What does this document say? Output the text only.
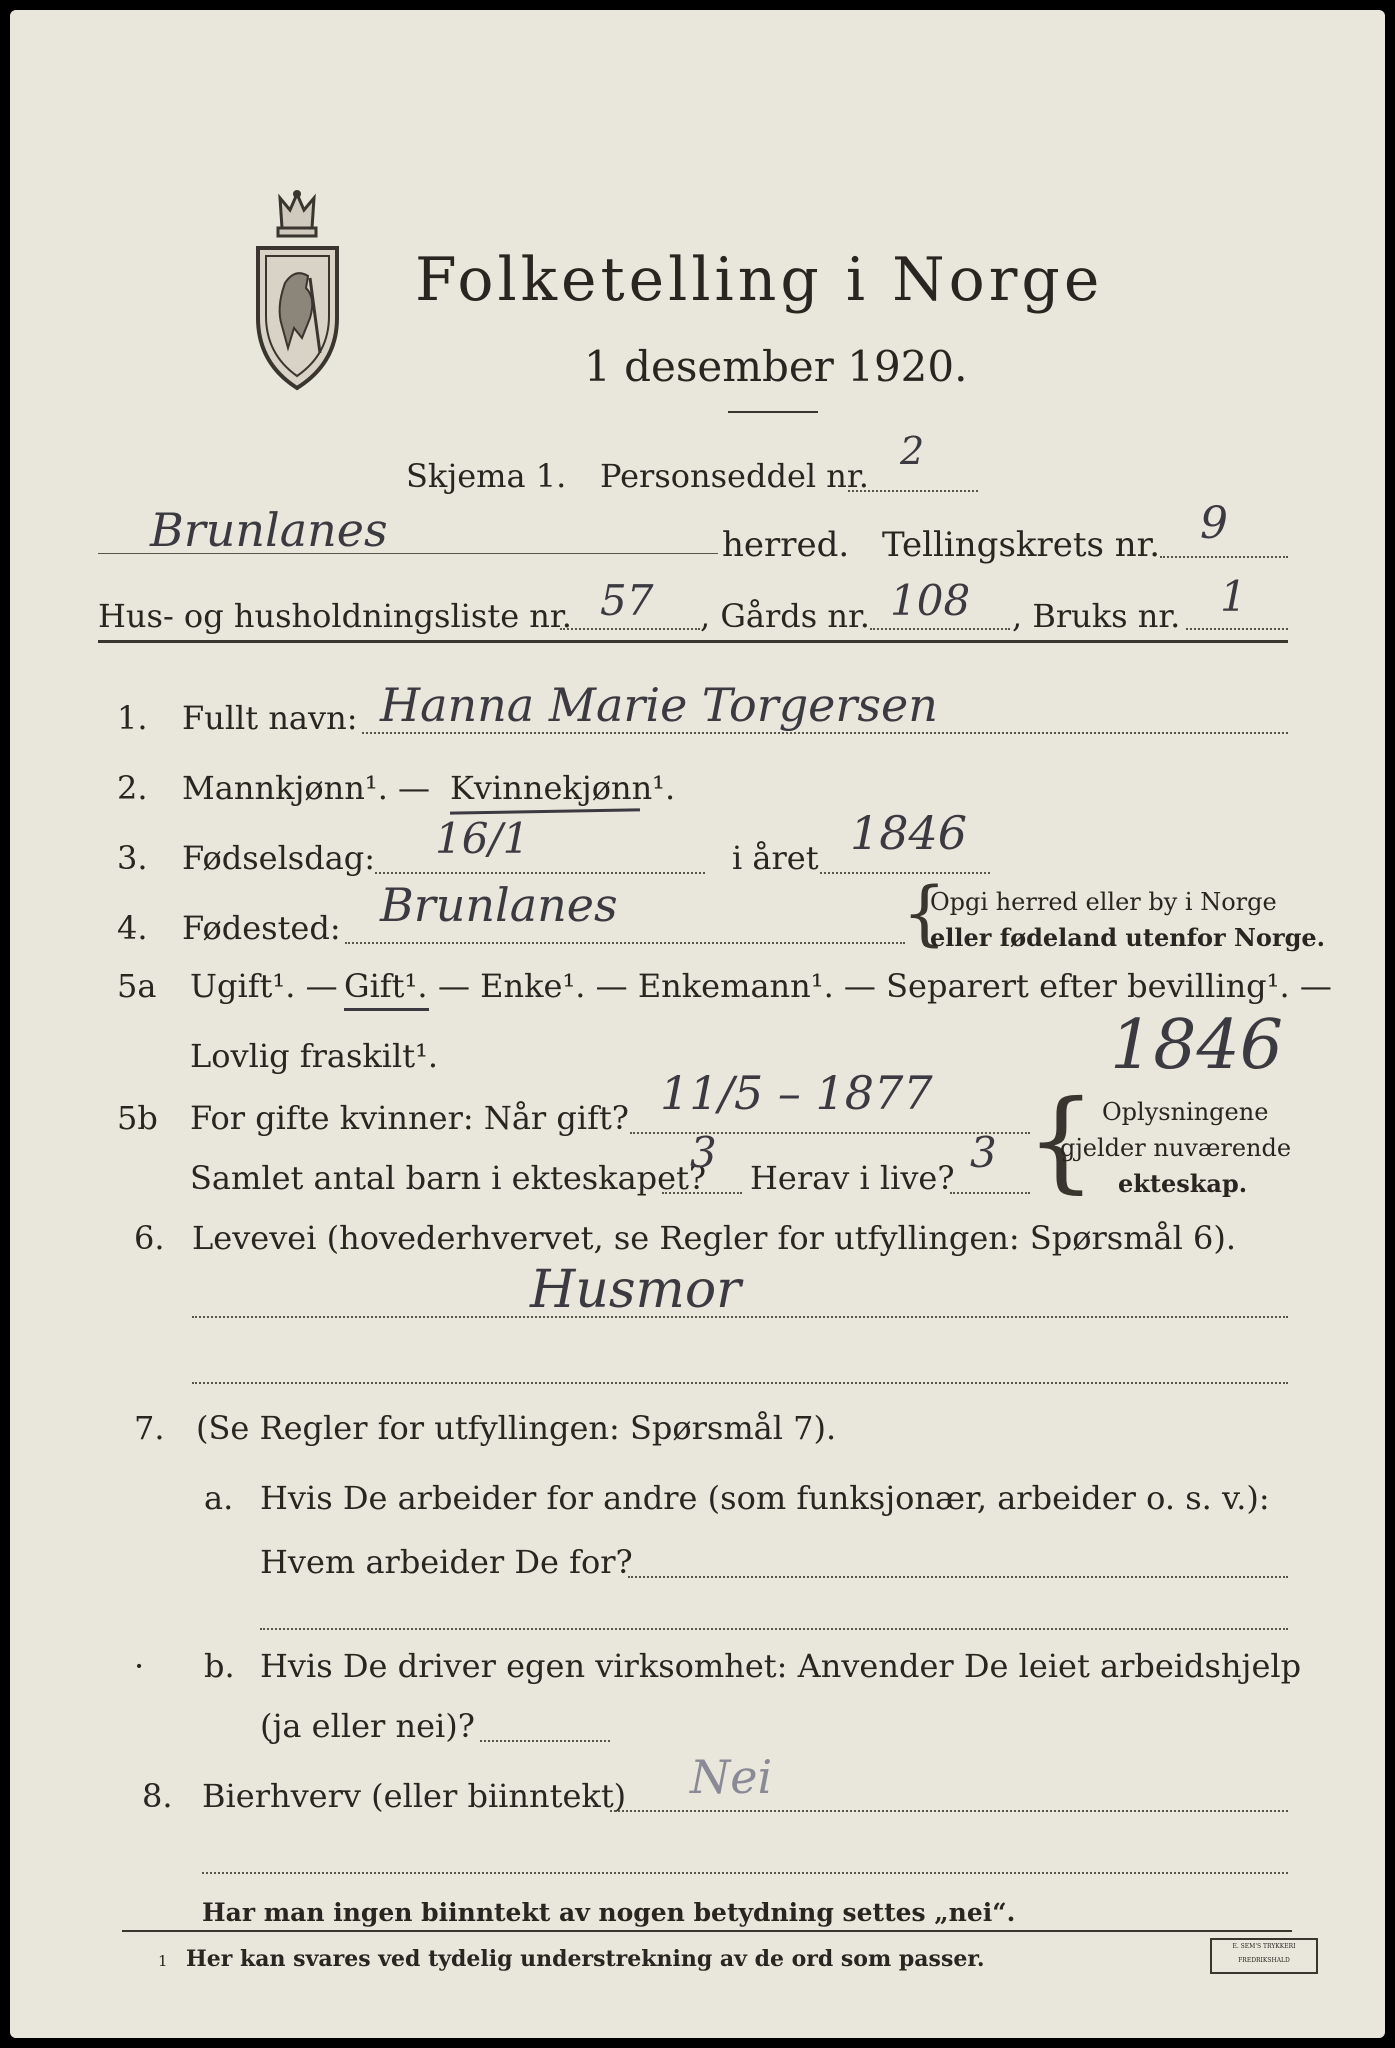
Folketelling i Norge
1 desember 1920.
Skjema 1. Personseddel nr.
2
Brunlanes	herred. Tellingskrets nr. 9
Hus- og husholdningsliste nr. 57 , Gårds nr. 108 , Bruks nr. 1
1. Fullt navn: Hanna Marie Torgersen
2. Mannkjønn¹. — Kvinnekjønn¹.
3. Fødselsdag: 16/1	i året 1846
4. Fødested: Brunlanes	{
Opgi herred eller by i Norge
eller fødeland utenfor Norge.
5a Ugift¹. — Gift¹. — Enke¹. — Enkemann¹. — Separert efter bevilling¹. —
Lovlig fraskilt¹.	1846
5b For gifte kvinner: Når gift? 11/5 – 1877
Samlet antal barn i ekteskapet?
3
Herav i live?
3 { Oplysningene
gjelder nuværende
ekteskap.
6. Levevei (hovederhvervet, se Regler for utfyllingen: Spørsmål 6).
Husmor
7. (Se Regler for utfyllingen: Spørsmål 7).
a. Hvis De arbeider for andre (som funksjonær, arbeider o. s. v.):
Hvem arbeider De for?
· b. Hvis De driver egen virksomhet: Anvender De leiet arbeidshjelp
(ja eller nei)?
8. Bierhverv (eller biinntekt) Nei
Har man ingen biinntekt av nogen betydning settes „nei“.
1 Her kan svares ved tydelig understrekning av de ord som passer.	E. SEM'S TRYKKERI FREDRIKSHALD
